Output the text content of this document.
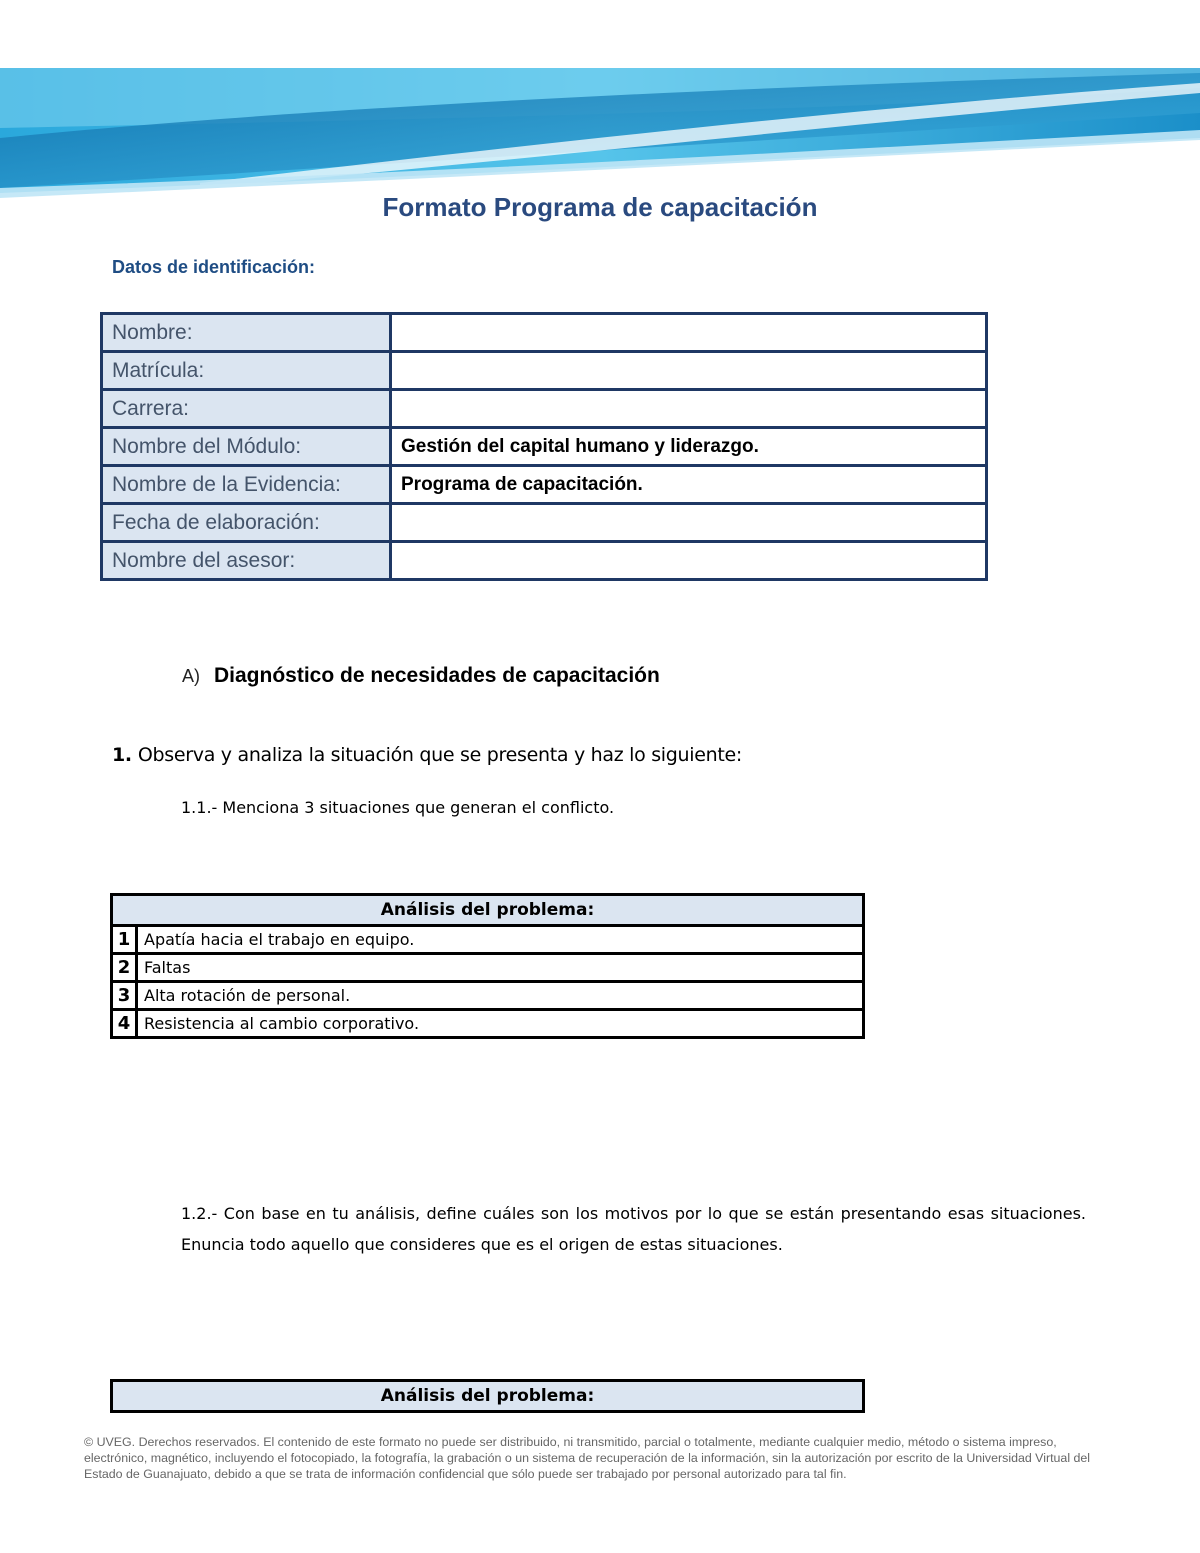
Formato Programa de capacitación
Datos de identificación:
Nombre:	
Matrícula:	
Carrera:	
Nombre del Módulo:	Gestión del capital humano y liderazgo.
Nombre de la Evidencia:	Programa de capacitación.
Fecha de elaboración:	
Nombre del asesor:	
A) Diagnóstico de necesidades de capacitación
1. Observa y analiza la situación que se presenta y haz lo siguiente:
1.1.- Menciona 3 situaciones que generan el conflicto.
Análisis del problema:	
1	Apatía hacia el trabajo en equipo.
2	Faltas
3	Alta rotación de personal.
4	Resistencia al cambio corporativo.
1.2.- Con base en tu análisis, define cuáles son los motivos por lo que se están presentando esas situaciones. Enuncia todo aquello que consideres que es el origen de estas situaciones.
Análisis del problema:
© UVEG. Derechos reservados. El contenido de este formato no puede ser distribuido, ni transmitido, parcial o totalmente, mediante cualquier medio, método o sistema impreso, electrónico, magnético, incluyendo el fotocopiado, la fotografía, la grabación o un sistema de recuperación de la información, sin la autorización por escrito de la Universidad Virtual del Estado de Guanajuato, debido a que se trata de información confidencial que sólo puede ser trabajado por personal autorizado para tal fin.
